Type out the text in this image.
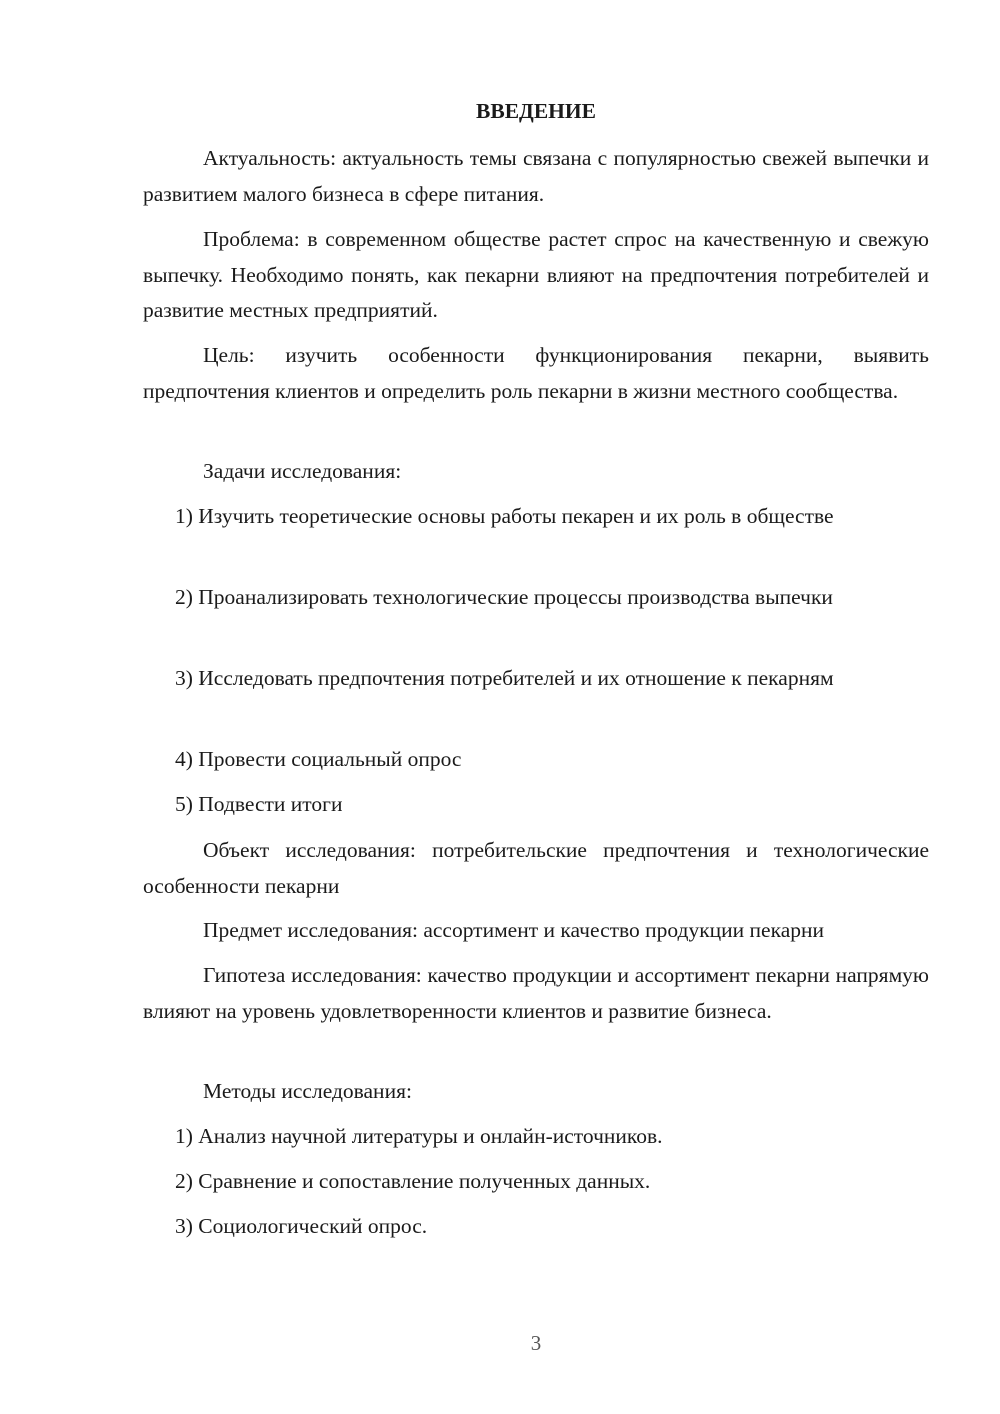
ВВЕДЕНИЕ

Актуальность: актуальность темы связана с популярностью свежей выпечки и развитием малого бизнеса в сфере питания.

Проблема: в современном обществе растет спрос на качественную и свежую выпечку. Необходимо понять, как пекарни влияют на предпочтения потребителей и развитие местных предприятий.

Цель: изучить особенности функционирования пекарни, выявить предпочтения клиентов и определить роль пекарни в жизни местного сообщества.

Задачи исследования:

1) Изучить теоретические основы работы пекарен и их роль в обществе

2) Проанализировать технологические процессы производства выпечки

3) Исследовать предпочтения потребителей и их отношение к пекарням

4) Провести социальный опрос

5) Подвести итоги

Объект исследования: потребительские предпочтения и технологические особенности пекарни

Предмет исследования: ассортимент и качество продукции пекарни

Гипотеза исследования: качество продукции и ассортимент пекарни напрямую влияют на уровень удовлетворенности клиентов и развитие бизнеса.

Методы исследования:

1) Анализ научной литературы и онлайн-источников.

2) Сравнение и сопоставление полученных данных.

3) Социологический опрос.

3
